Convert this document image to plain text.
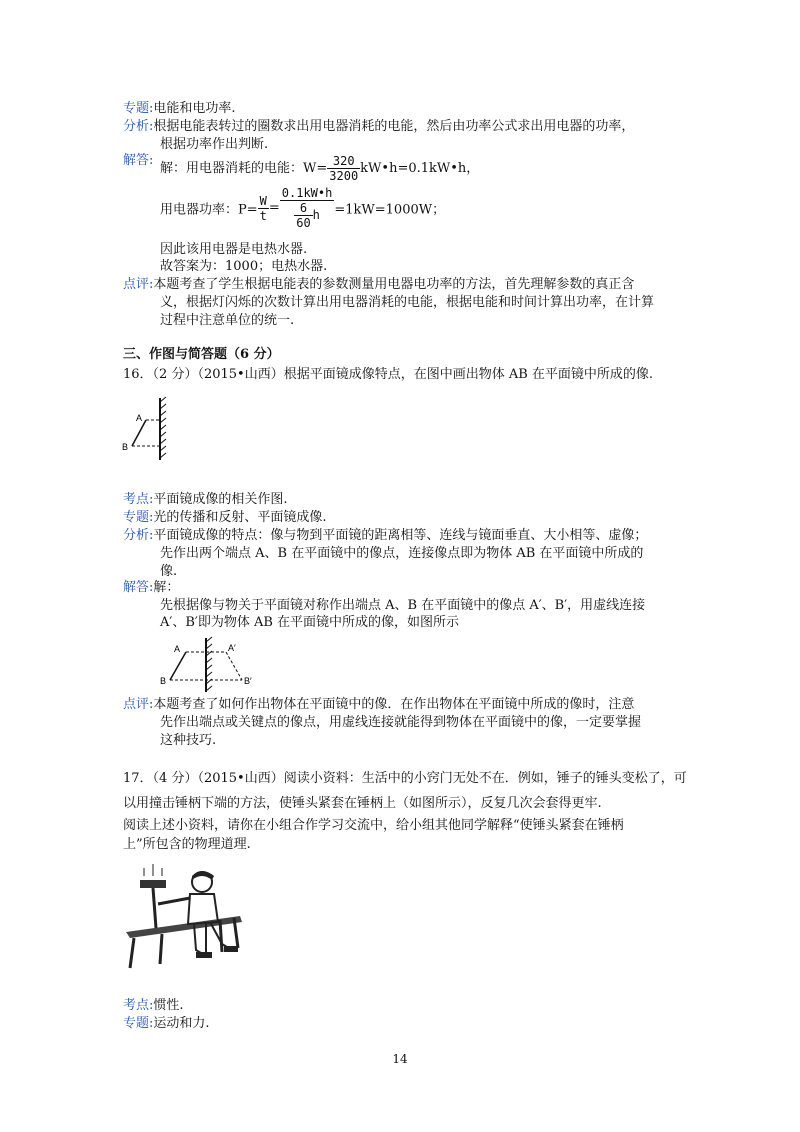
专题:电能和电功率.
分析:根据电能表转过的圈数求出用电器消耗的电能，然后由功率公式求出用电器的功率，
根据功率作出判断.
解答:
解：用电器消耗的电能：$W= \frac{320}{3200}$ kW•h=0.1kW•h，
用电器功率：$P= \frac{W}{t} = \frac{0.1kW•h}{\frac{6}{60} h} =1kW=1000W$；
因此该用电器是电热水器.
故答案为：1000；电热水器.
点评:本题考查了学生根据电能表的参数测量用电器电功率的方法，首先理解参数的真正含
义，根据灯闪烁的次数计算出用电器消耗的电能，根据电能和时间计算出功率，在计算
过程中注意单位的统一.
三、作图与简答题（6 分）
16．（2 分）（2015•山西）根据平面镜成像特点，在图中画出物体 AB 在平面镜中所成的像.
A
B
考点:平面镜成像的相关作图.
专题:光的传播和反射、平面镜成像.
分析:平面镜成像的特点：像与物到平面镜的距离相等、连线与镜面垂直、大小相等、虚像；
先作出两个端点 A、B 在平面镜中的像点，连接像点即为物体 AB 在平面镜中所成的
像.
解答:解：
先根据像与物关于平面镜对称作出端点 A、B 在平面镜中的像点 A′、B′，用虚线连接
A′、B′即为物体 AB 在平面镜中所成的像，如图所示
A
B
A′
B′
点评:本题考查了如何作出物体在平面镜中的像．在作出物体在平面镜中所成的像时，注意
先作出端点或关键点的像点，用虚线连接就能得到物体在平面镜中的像，一定要掌握
这种技巧.
17．（4 分）（2015•山西）阅读小资料：生活中的小窍门无处不在．例如，锤子的锤头变松了，可
以用撞击锤柄下端的方法，使锤头紧套在锤柄上（如图所示），反复几次会套得更牢.
阅读上述小资料，请你在小组合作学习交流中，给小组其他同学解释“使锤头紧套在锤柄
上”所包含的物理道理.
考点:惯性.
专题:运动和力.
14
